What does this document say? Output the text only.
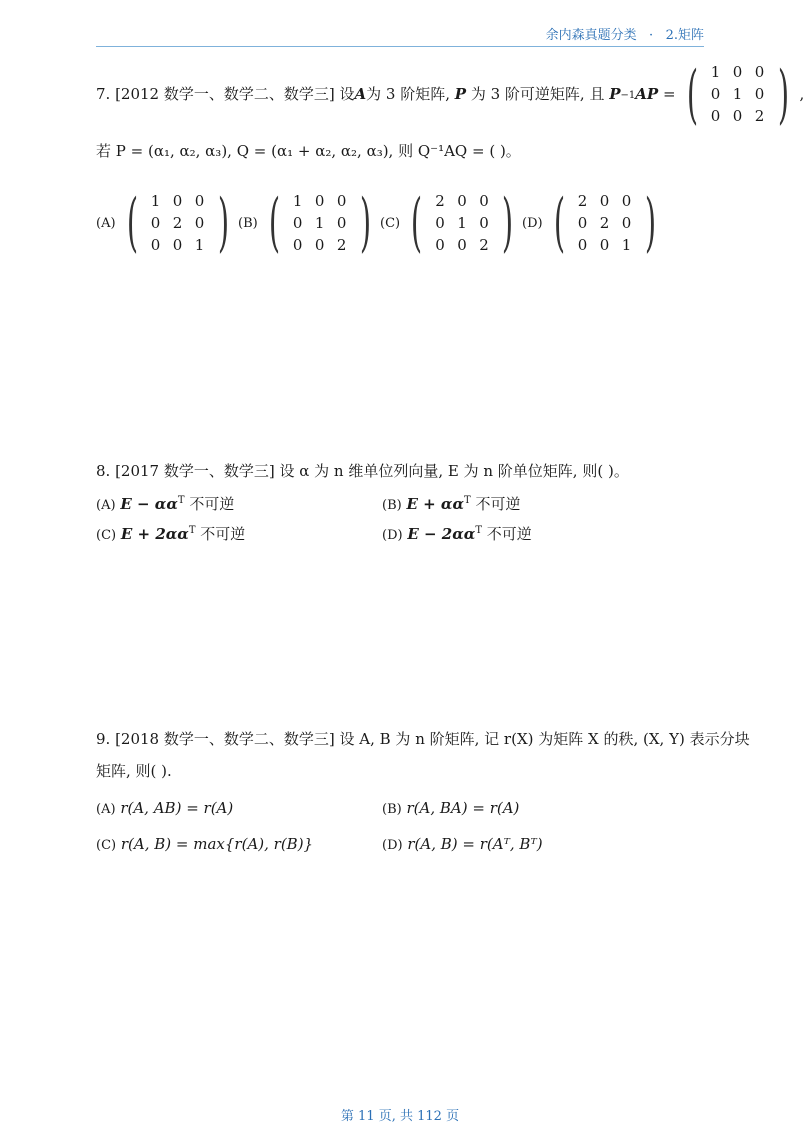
余内森真题分类 · 2.矩阵
7. [2012 数学一、数学二、数学三] 设 A 为 3 阶矩阵,
P
为 3 阶可逆矩阵, 且
P −1 AP
= ( 1 0 0
0 1 0
0 0 2 ) ,
若 P = (α₁, α₂, α₃), Q = (α₁ + α₂, α₂, α₃), 则 Q⁻¹AQ = ( )。
(A) ( 1 0 0
0 2 0
0 0 1 ) (B) ( 1 0 0
0 1 0
0 0 2 ) (C) ( 2 0 0
0 1 0
0 0 2 ) (D) ( 2 0 0
0 2 0
0 0 1 )
8. [2017 数学一、数学三] 设 α 为 n 维单位列向量, E 为 n 阶单位矩阵, 则( )。
(A) $E - \alpha\alpha^T$ 不可逆	(B) $E + \alpha\alpha^T$ 不可逆
(C) $E + 2\alpha\alpha^T$ 不可逆	(D) $E - 2\alpha\alpha^T$ 不可逆
9. [2018 数学一、数学二、数学三] 设 A, B 为 n 阶矩阵, 记 r(X) 为矩阵 X 的秩, (X, Y) 表示分块
矩阵, 则( ).
(A) r(A, AB) = r(A)	(B) r(A, BA) = r(A)
(C) r(A, B) = max{r(A), r(B)}	(D) r(A, B) = r(Aᵀ, Bᵀ)
第 11 页, 共 112 页
